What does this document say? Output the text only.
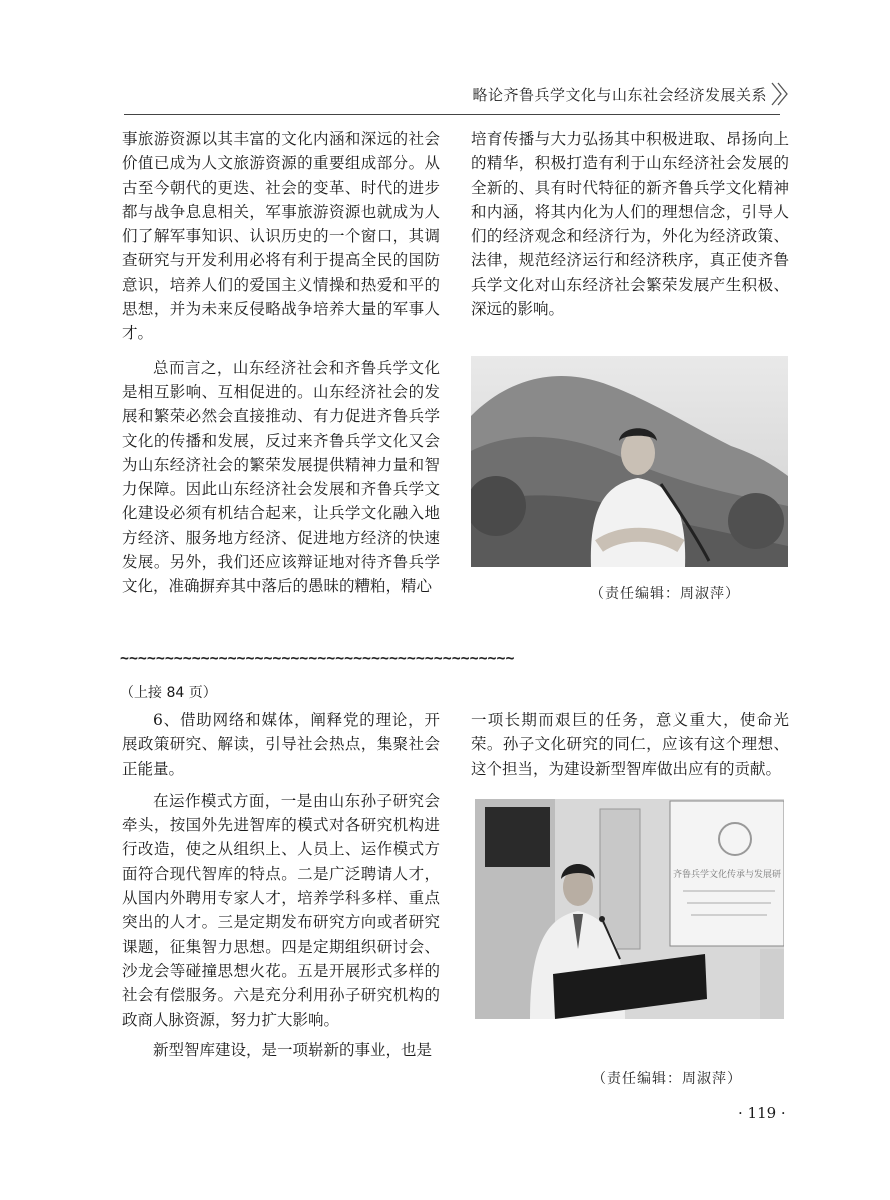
略论齐鲁兵学文化与山东社会经济发展关系

事旅游资源以其丰富的文化内涵和深远的社会价值已成为人文旅游资源的重要组成部分。从古至今朝代的更迭、社会的变革、时代的进步都与战争息息相关，军事旅游资源也就成为人们了解军事知识、认识历史的一个窗口，其调查研究与开发利用必将有利于提高全民的国防意识，培养人们的爱国主义情操和热爱和平的思想，并为未来反侵略战争培养大量的军事人才。

总而言之，山东经济社会和齐鲁兵学文化是相互影响、互相促进的。山东经济社会的发展和繁荣必然会直接推动、有力促进齐鲁兵学文化的传播和发展，反过来齐鲁兵学文化又会为山东经济社会的繁荣发展提供精神力量和智力保障。因此山东经济社会发展和齐鲁兵学文化建设必须有机结合起来，让兵学文化融入地方经济、服务地方经济、促进地方经济的快速发展。另外，我们还应该辩证地对待齐鲁兵学文化，准确摒弃其中落后的愚昧的糟粕，精心

培育传播与大力弘扬其中积极进取、昂扬向上的精华，积极打造有利于山东经济社会发展的全新的、具有时代特征的新齐鲁兵学文化精神和内涵，将其内化为人们的理想信念，引导人们的经济观念和经济行为，外化为经济政策、法律，规范经济运行和经济秩序，真正使齐鲁兵学文化对山东经济社会繁荣发展产生积极、深远的影响。

（责任编辑：周淑萍）
~~~~~~~~~~~~~~~~~~~~~~~~~~~~~~~~~~~~~~~~~~~~
（上接 84 页）

6、借助网络和媒体，阐释党的理论，开展政策研究、解读，引导社会热点，集聚社会正能量。

在运作模式方面，一是由山东孙子研究会牵头，按国外先进智库的模式对各研究机构进行改造，使之从组织上、人员上、运作模式方面符合现代智库的特点。二是广泛聘请人才，从国内外聘用专家人才，培养学科多样、重点突出的人才。三是定期发布研究方向或者研究课题，征集智力思想。四是定期组织研讨会、沙龙会等碰撞思想火花。五是开展形式多样的社会有偿服务。六是充分利用孙子研究机构的政商人脉资源，努力扩大影响。

新型智库建设，是一项崭新的事业，也是

一项长期而艰巨的任务，意义重大，使命光荣。孙子文化研究的同仁，应该有这个理想、这个担当，为建设新型智库做出应有的贡献。

齐鲁兵学文化传承与发展研
（责任编辑：周淑萍）
· 119 ·
